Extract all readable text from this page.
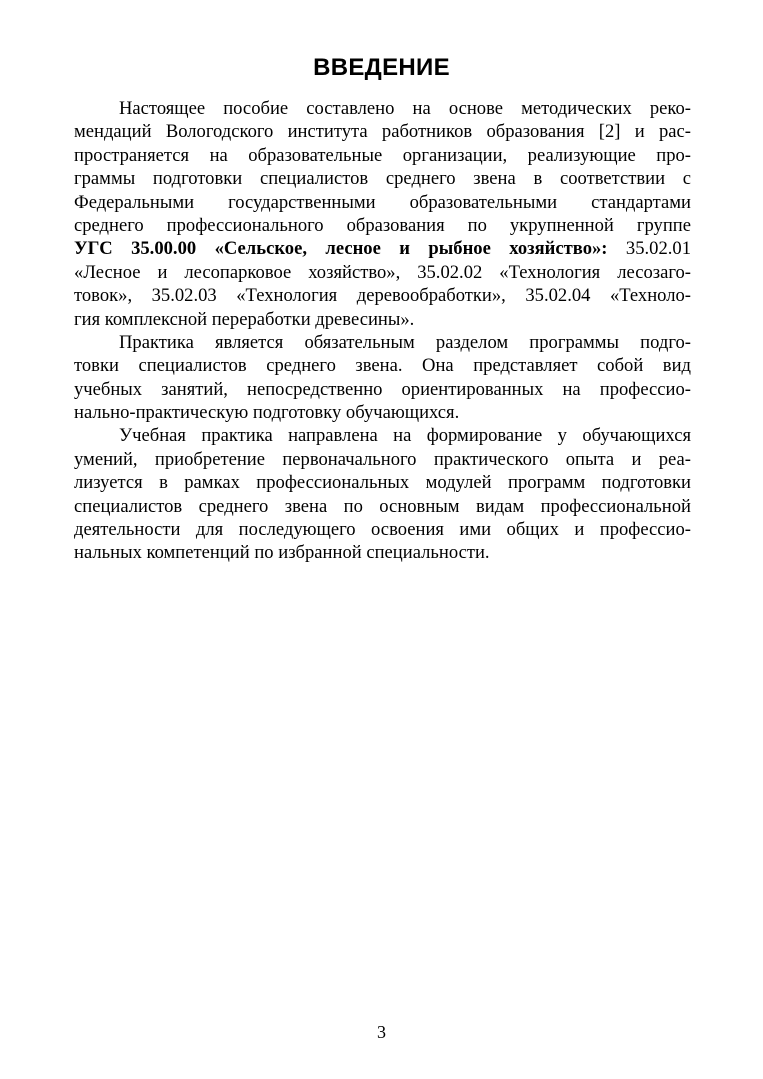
ВВЕДЕНИЕ
Настоящее пособие составлено на основе методических реко-
мендаций Вологодского института работников образования [2] и рас-
пространяется на образовательные организации, реализующие про-
граммы подготовки специалистов среднего звена в соответствии с
Федеральными государственными образовательными стандартами
среднего профессионального образования по укрупненной группе
УГС 35.00.00 «Сельское, лесное и рыбное хозяйство»: 35.02.01
«Лесное и лесопарковое хозяйство», 35.02.02 «Технология лесозаго-
товок», 35.02.03 «Технология деревообработки», 35.02.04 «Техноло-
гия комплексной переработки древесины».
Практика является обязательным разделом программы подго-
товки специалистов среднего звена. Она представляет собой вид
учебных занятий, непосредственно ориентированных на профессио-
нально-практическую подготовку обучающихся.
Учебная практика направлена на формирование у обучающихся
умений, приобретение первоначального практического опыта и реа-
лизуется в рамках профессиональных модулей программ подготовки
специалистов среднего звена по основным видам профессиональной
деятельности для последующего освоения ими общих и профессио-
нальных компетенций по избранной специальности.
3
